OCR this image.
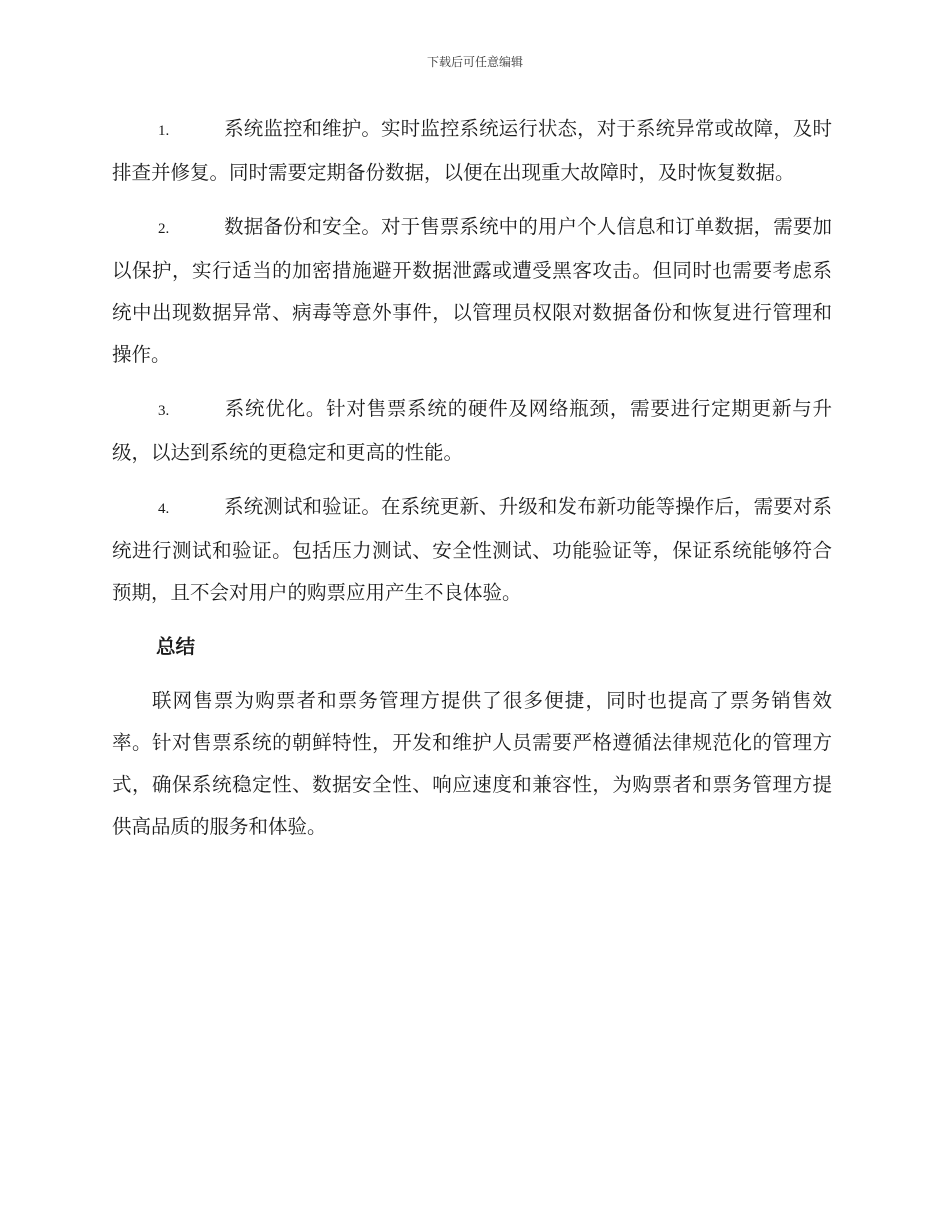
下载后可任意编辑

1.	系统监控和维护。实时监控系统运行状态，对于系统异常或故障，及时排查并修复。同时需要定期备份数据，以便在出现重大故障时，及时恢复数据。

2.	数据备份和安全。对于售票系统中的用户个人信息和订单数据，需要加以保护，实行适当的加密措施避开数据泄露或遭受黑客攻击。但同时也需要考虑系统中出现数据异常、病毒等意外事件，以管理员权限对数据备份和恢复进行管理和操作。

3.	系统优化。针对售票系统的硬件及网络瓶颈，需要进行定期更新与升级，以达到系统的更稳定和更高的性能。

4.	系统测试和验证。在系统更新、升级和发布新功能等操作后，需要对系统进行测试和验证。包括压力测试、安全性测试、功能验证等，保证系统能够符合预期，且不会对用户的购票应用产生不良体验。

总结

联网售票为购票者和票务管理方提供了很多便捷，同时也提高了票务销售效率。针对售票系统的朝鲜特性，开发和维护人员需要严格遵循法律规范化的管理方式，确保系统稳定性、数据安全性、响应速度和兼容性，为购票者和票务管理方提供高品质的服务和体验。
